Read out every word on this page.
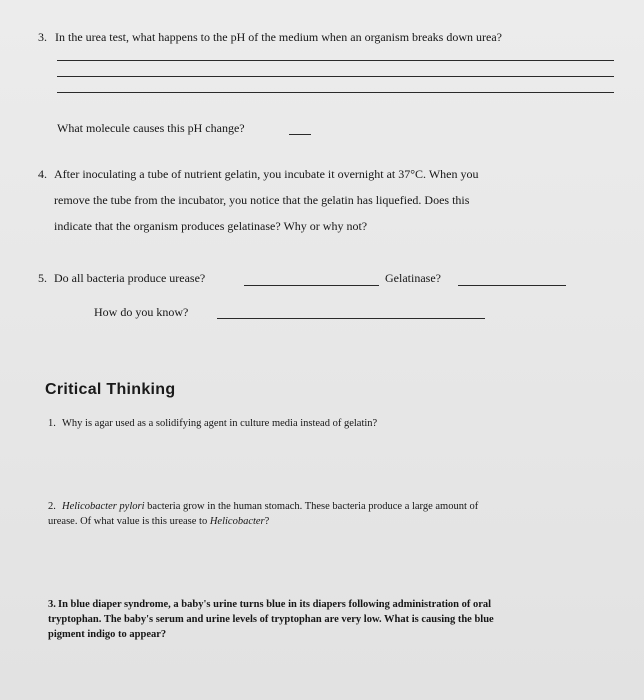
3. In the urea test, what happens to the pH of the medium when an organism breaks down urea?
What molecule causes this pH change?
4. After inoculating a tube of nutrient gelatin, you incubate it overnight at 37°C. When you
remove the tube from the incubator, you notice that the gelatin has liquefied. Does this
indicate that the organism produces gelatinase? Why or why not?
5. Do all bacteria produce urease?	Gelatinase?
How do you know?
Critical Thinking
1. Why is agar used as a solidifying agent in culture media instead of gelatin?
2. Helicobacter pylori bacteria grow in the human stomach. These bacteria produce a large amount of
urease. Of what value is this urease to Helicobacter?
3. In blue diaper syndrome, a baby's urine turns blue in its diapers following administration of oral
tryptophan. The baby's serum and urine levels of tryptophan are very low. What is causing the blue
pigment indigo to appear?
